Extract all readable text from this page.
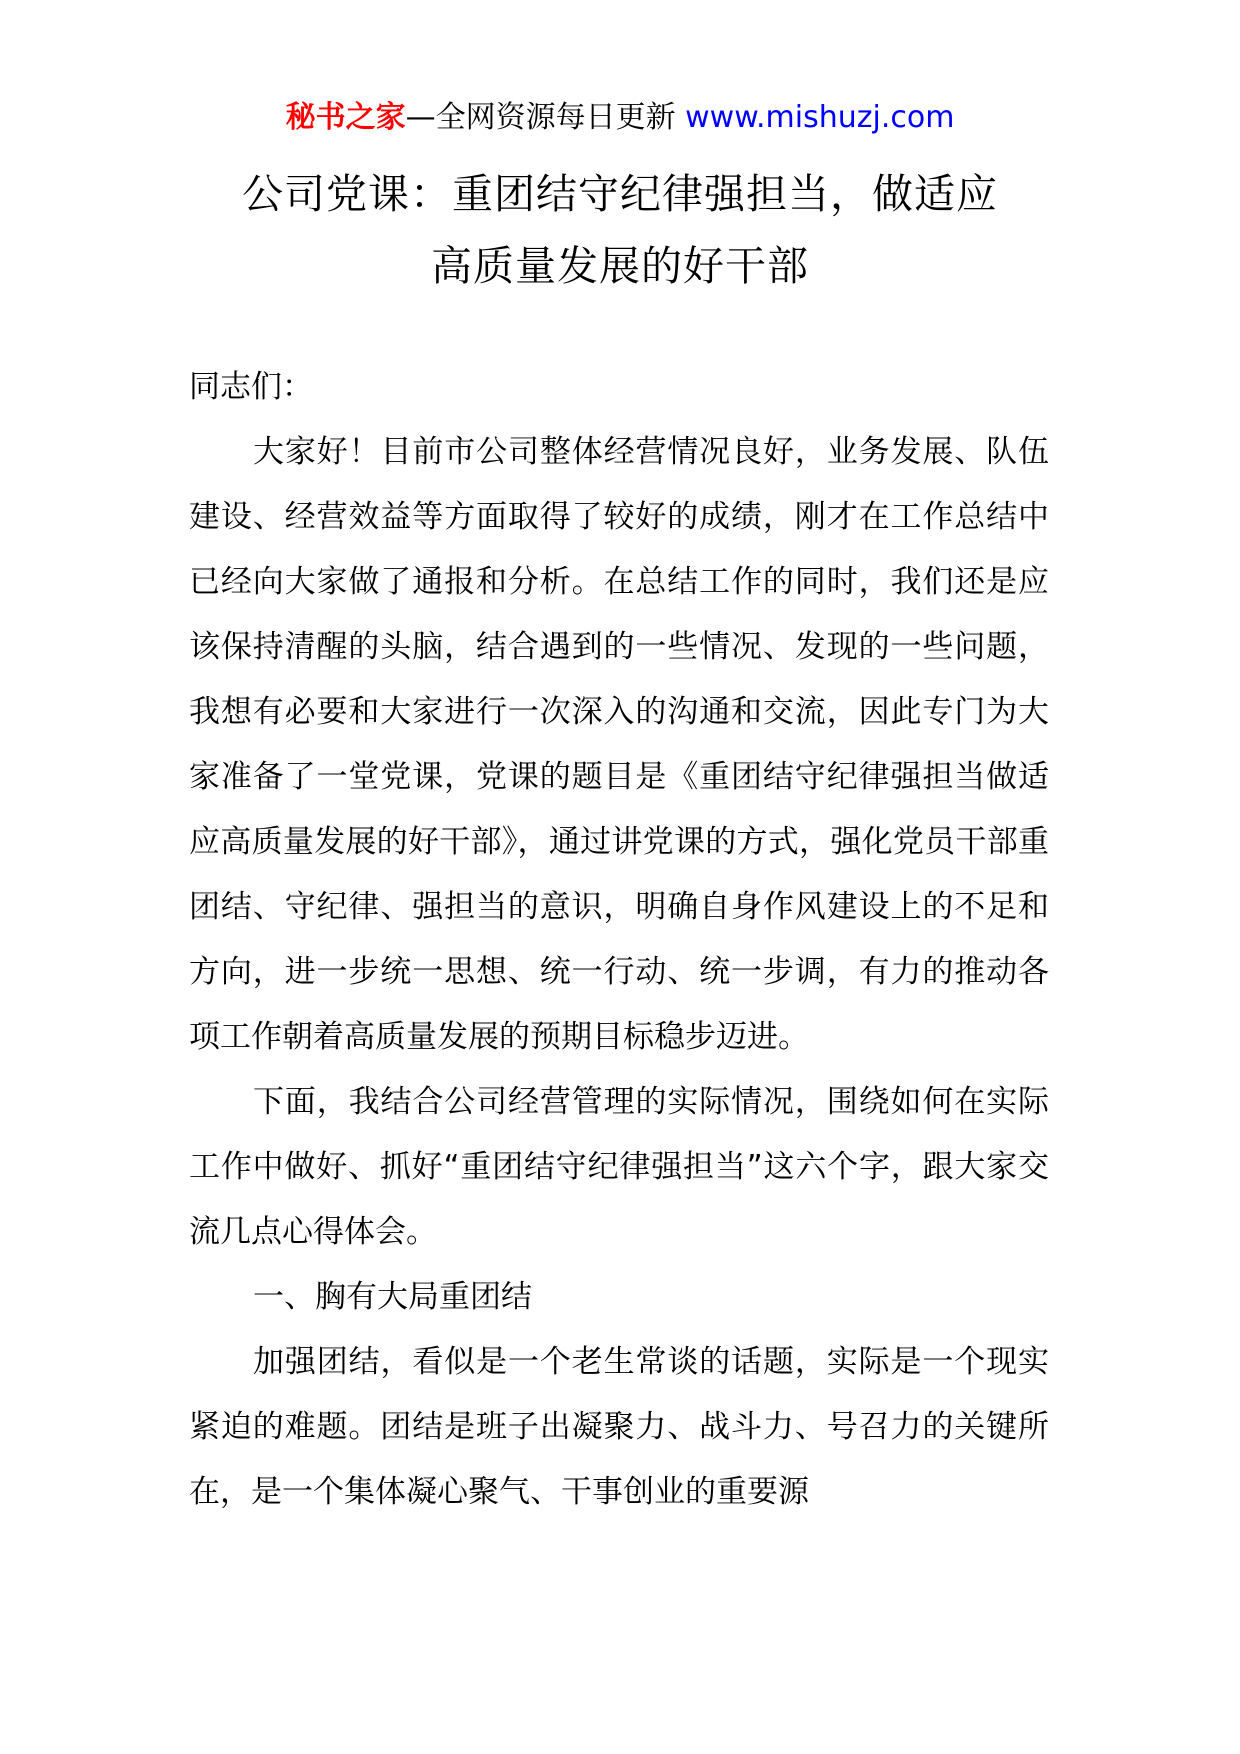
秘书之家—全网资源每日更新 www.mishuzj.com
公司党课：重团结守纪律强担当，做适应
高质量发展的好干部

同志们：

大家好！目前市公司整体经营情况良好，业务发展、队伍建设、经营效益等方面取得了较好的成绩，刚才在工作总结中已经向大家做了通报和分析。在总结工作的同时，我们还是应该保持清醒的头脑，结合遇到的一些情况、发现的一些问题，我想有必要和大家进行一次深入的沟通和交流，因此专门为大家准备了一堂党课，党课的题目是《重团结守纪律强担当做适应高质量发展的好干部》，通过讲党课的方式，强化党员干部重团结、守纪律、强担当的意识，明确自身作风建设上的不足和方向，进一步统一思想、统一行动、统一步调，有力的推动各项工作朝着高质量发展的预期目标稳步迈进。

下面，我结合公司经营管理的实际情况，围绕如何在实际工作中做好、抓好“重团结守纪律强担当”这六个字，跟大家交流几点心得体会。

一、胸有大局重团结

加强团结，看似是一个老生常谈的话题，实际是一个现实紧迫的难题。团结是班子出凝聚力、战斗力、号召力的关键所在，是一个集体凝心聚气、干事创业的重要源
